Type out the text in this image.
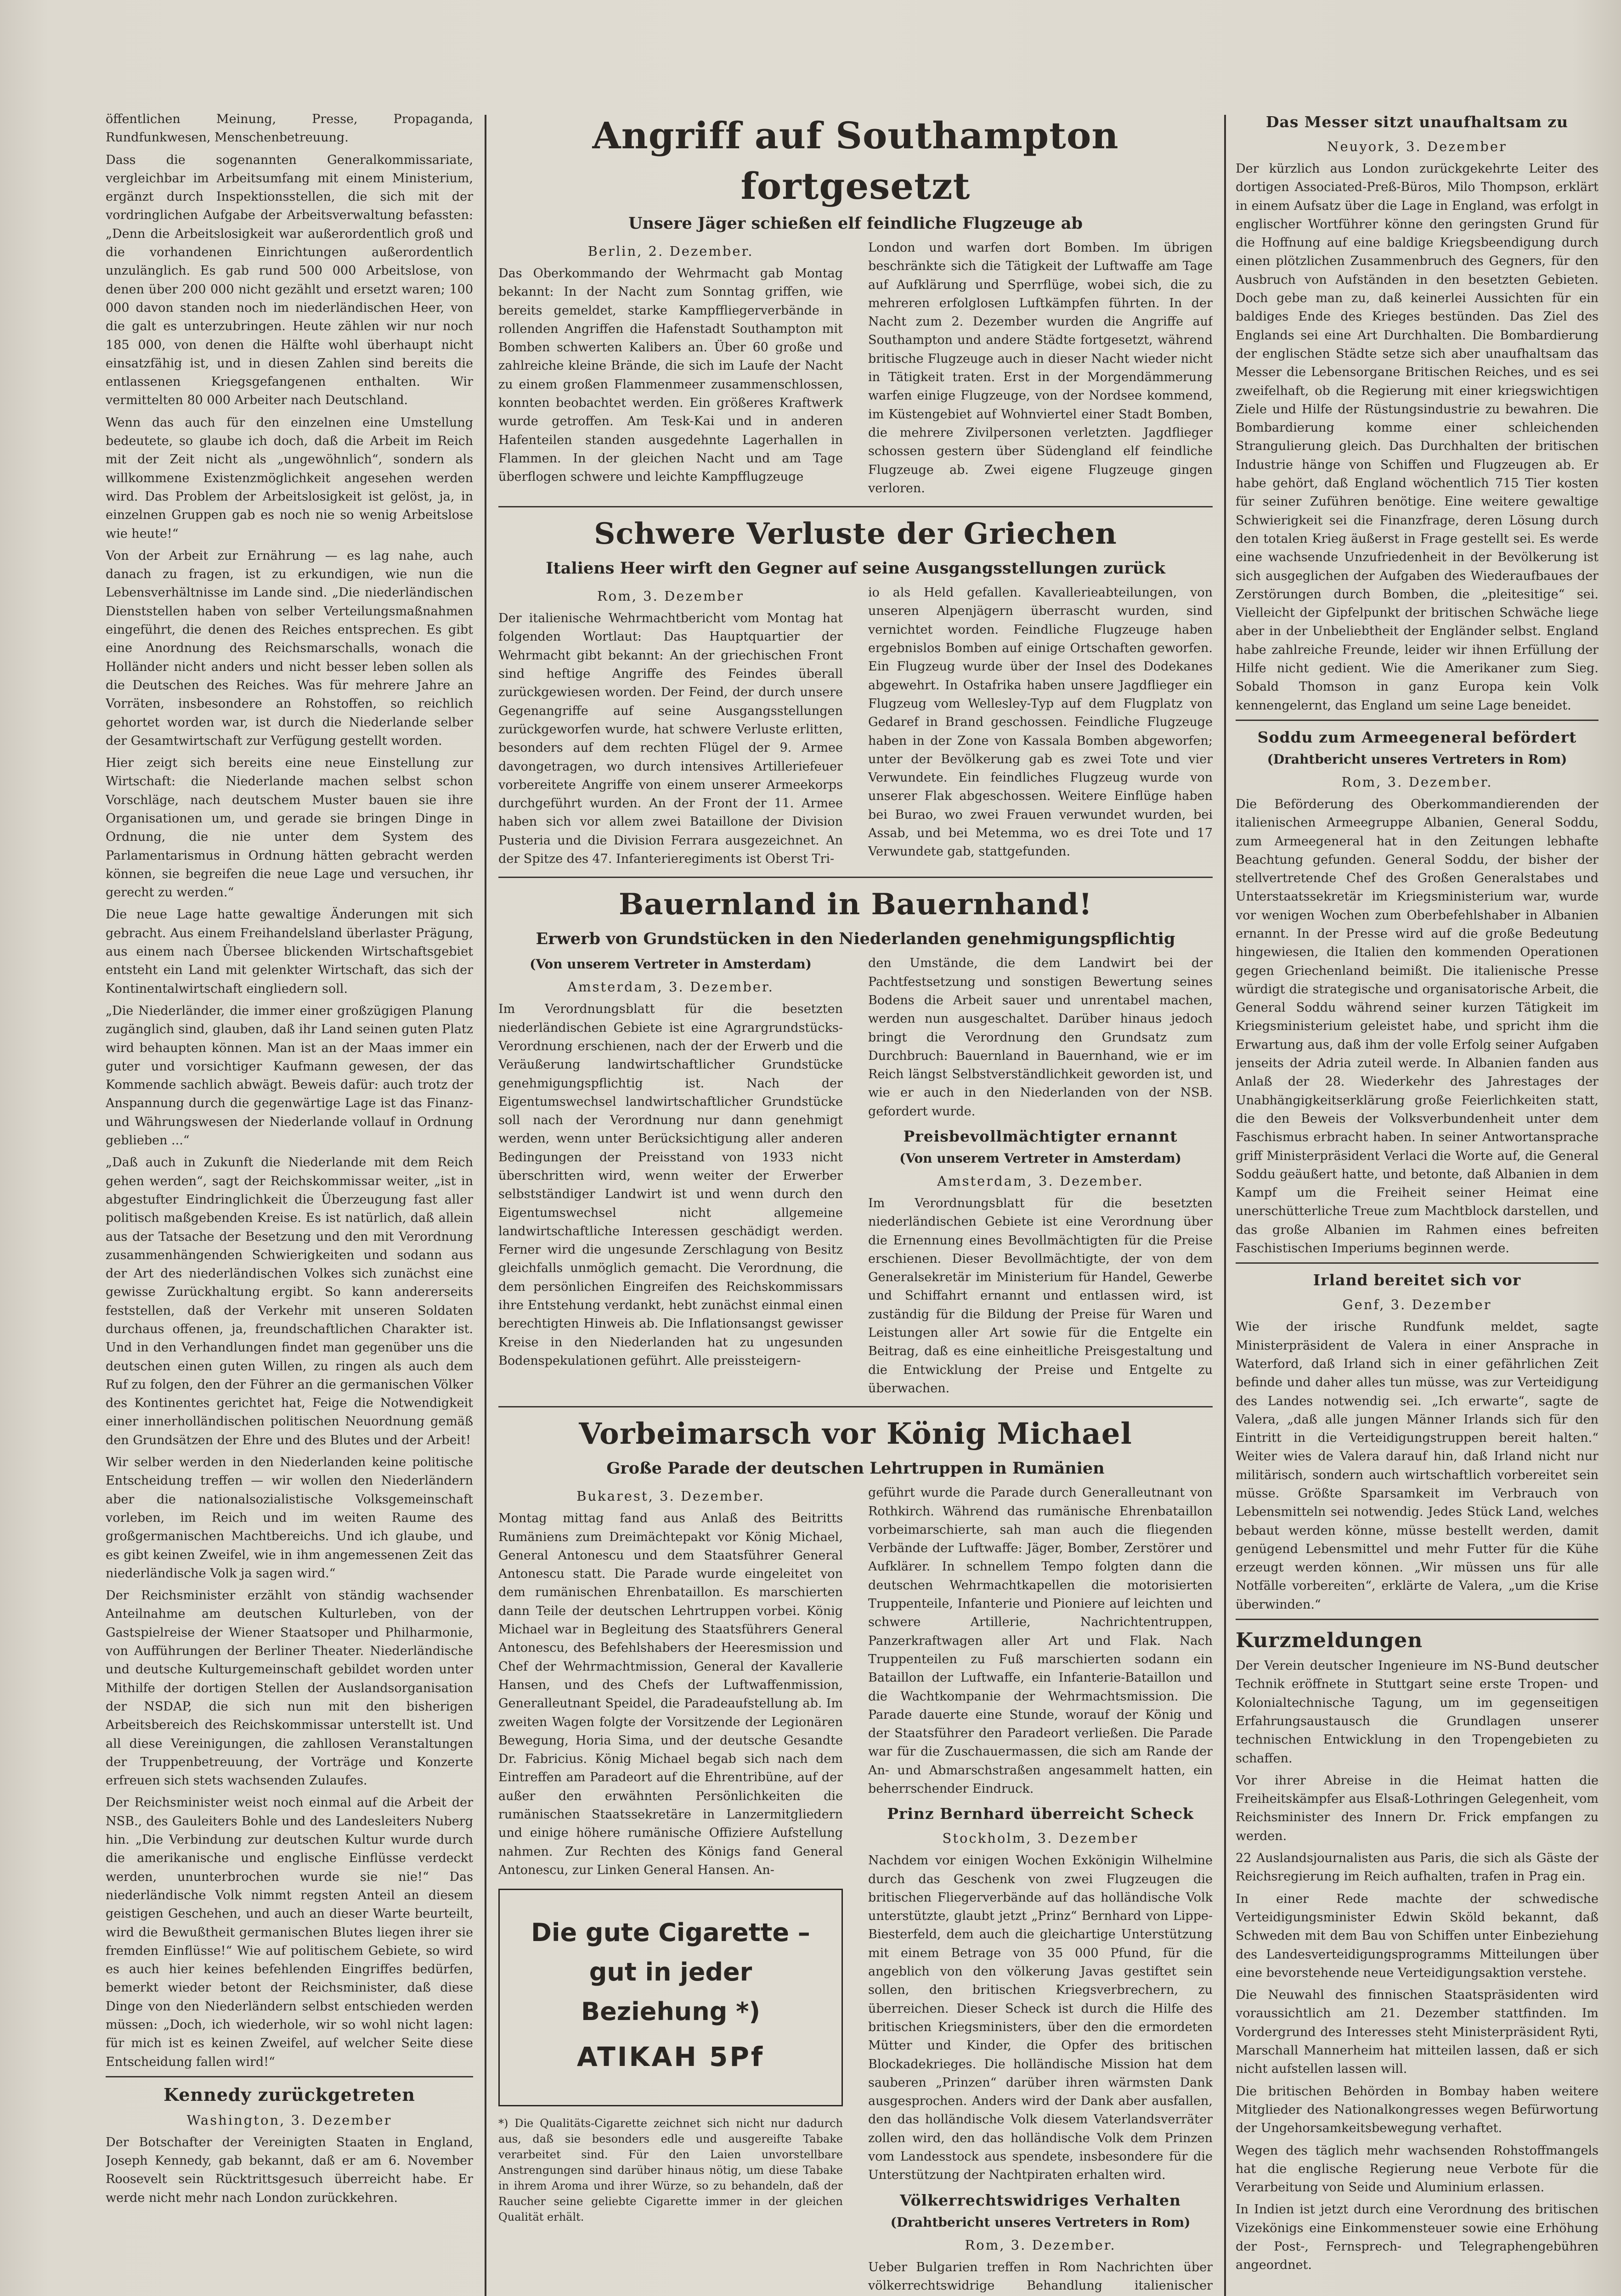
öffentlichen Meinung, Presse, Propaganda, Rundfunkwesen, Menschenbetreuung.

Dass die sogenannten Generalkommissariate, vergleichbar im Arbeitsumfang mit einem Ministerium, ergänzt durch Inspektionsstellen, die sich mit der vordringlichen Aufgabe der Arbeitsverwaltung befassten: „Denn die Arbeitslosigkeit war außerordentlich groß und die vorhandenen Einrichtungen außerordentlich unzulänglich. Es gab rund 500 000 Arbeitslose, von denen über 200 000 nicht gezählt und ersetzt waren; 100 000 davon standen noch im niederländischen Heer, von die galt es unterzubringen. Heute zählen wir nur noch 185 000, von denen die Hälfte wohl überhaupt nicht einsatzfähig ist, und in diesen Zahlen sind bereits die entlassenen Kriegsgefangenen enthalten. Wir vermittelten 80 000 Arbeiter nach Deutschland.

Wenn das auch für den einzelnen eine Umstellung bedeutete, so glaube ich doch, daß die Arbeit im Reich mit der Zeit nicht als „ungewöhnlich“, sondern als willkommene Existenzmöglichkeit angesehen werden wird. Das Problem der Arbeitslosigkeit ist gelöst, ja, in einzelnen Gruppen gab es noch nie so wenig Arbeitslose wie heute!“

Von der Arbeit zur Ernährung — es lag nahe, auch danach zu fragen, ist zu erkundigen, wie nun die Lebensverhältnisse im Lande sind. „Die niederländischen Dienststellen haben von selber Verteilungsmaßnahmen eingeführt, die denen des Reiches entsprechen. Es gibt eine Anordnung des Reichsmarschalls, wonach die Holländer nicht anders und nicht besser leben sollen als die Deutschen des Reiches. Was für mehrere Jahre an Vorräten, insbesondere an Rohstoffen, so reichlich gehortet worden war, ist durch die Niederlande selber der Gesamtwirtschaft zur Verfügung gestellt worden.

Hier zeigt sich bereits eine neue Einstellung zur Wirtschaft: die Niederlande machen selbst schon Vorschläge, nach deutschem Muster bauen sie ihre Organisationen um, und gerade sie bringen Dinge in Ordnung, die nie unter dem System des Parlamentarismus in Ordnung hätten gebracht werden können, sie begreifen die neue Lage und versuchen, ihr gerecht zu werden.“

Die neue Lage hatte gewaltige Änderungen mit sich gebracht. Aus einem Freihandelsland überlaster Prägung, aus einem nach Übersee blickenden Wirtschaftsgebiet entsteht ein Land mit gelenkter Wirtschaft, das sich der Kontinentalwirtschaft eingliedern soll.

„Die Niederländer, die immer einer großzügigen Planung zugänglich sind, glauben, daß ihr Land seinen guten Platz wird behaupten können. Man ist an der Maas immer ein guter und vorsichtiger Kaufmann gewesen, der das Kommende sachlich abwägt. Beweis dafür: auch trotz der Anspannung durch die gegenwärtige Lage ist das Finanz- und Währungswesen der Niederlande vollauf in Ordnung geblieben ...“

„Daß auch in Zukunft die Niederlande mit dem Reich gehen werden“, sagt der Reichskommissar weiter, „ist in abgestufter Eindringlichkeit die Überzeugung fast aller politisch maßgebenden Kreise. Es ist natürlich, daß allein aus der Tatsache der Besetzung und den mit Verordnung zusammenhängenden Schwierigkeiten und sodann aus der Art des niederländischen Volkes sich zunächst eine gewisse Zurückhaltung ergibt. So kann andererseits feststellen, daß der Verkehr mit unseren Soldaten durchaus offenen, ja, freundschaftlichen Charakter ist. Und in den Verhandlungen findet man gegenüber uns die deutschen einen guten Willen, zu ringen als auch dem Ruf zu folgen, den der Führer an die germanischen Völker des Kontinentes gerichtet hat, Feige die Notwendigkeit einer innerholländischen politischen Neuordnung gemäß den Grundsätzen der Ehre und des Blutes und der Arbeit!

Wir selber werden in den Niederlanden keine politische Entscheidung treffen — wir wollen den Niederländern aber die nationalsozialistische Volksgemeinschaft vorleben, im Reich und im weiten Raume des großgermanischen Machtbereichs. Und ich glaube, und es gibt keinen Zweifel, wie in ihm angemessenen Zeit das niederländische Volk ja sagen wird.“

Der Reichsminister erzählt von ständig wachsender Anteilnahme am deutschen Kulturleben, von der Gastspielreise der Wiener Staatsoper und Philharmonie, von Aufführungen der Berliner Theater. Niederländische und deutsche Kulturgemeinschaft gebildet worden unter Mithilfe der dortigen Stellen der Auslandsorganisation der NSDAP, die sich nun mit den bisherigen Arbeitsbereich des Reichskommissar unterstellt ist. Und all diese Vereinigungen, die zahllosen Veranstaltungen der Truppenbetreuung, der Vorträge und Konzerte erfreuen sich stets wachsenden Zulaufes.

Der Reichsminister weist noch einmal auf die Arbeit der NSB., des Gauleiters Bohle und des Landesleiters Nuberg hin. „Die Verbindung zur deutschen Kultur wurde durch die amerikanische und englische Einflüsse verdeckt werden, ununterbrochen wurde sie nie!“ Das niederländische Volk nimmt regsten Anteil an diesem geistigen Geschehen, und auch an dieser Warte beurteilt, wird die Bewußtheit germanischen Blutes liegen ihrer sie fremden Einflüsse!“ Wie auf politischem Gebiete, so wird es auch hier keines befehlenden Eingriffes bedürfen, bemerkt wieder betont der Reichsminister, daß diese Dinge von den Niederländern selbst entschieden werden müssen: „Doch, ich wiederhole, wir so wohl nicht lagen: für mich ist es keinen Zweifel, auf welcher Seite diese Entscheidung fallen wird!“

Kennedy zurückgetreten

Washington, 3. Dezember

Der Botschafter der Vereinigten Staaten in England, Joseph Kennedy, gab bekannt, daß er am 6. November Roosevelt sein Rücktrittsgesuch überreicht habe. Er werde nicht mehr nach London zurückkehren.

Angriff auf Southampton fortgesetzt

Unsere Jäger schießen elf feindliche Flugzeuge ab

Berlin, 2. Dezember.

Das Oberkommando der Wehrmacht gab Montag bekannt: In der Nacht zum Sonntag griffen, wie bereits gemeldet, starke Kampffliegerverbände in rollenden Angriffen die Hafenstadt Southampton mit Bomben schwerten Kalibers an. Über 60 große und zahlreiche kleine Brände, die sich im Laufe der Nacht zu einem großen Flammenmeer zusammenschlossen, konnten beobachtet werden. Ein größeres Kraftwerk wurde getroffen. Am Tesk-Kai und in anderen Hafenteilen standen ausgedehnte Lagerhallen in Flammen. In der gleichen Nacht und am Tage überflogen schwere und leichte Kampfflugzeuge

London und warfen dort Bomben. Im übrigen beschränkte sich die Tätigkeit der Luftwaffe am Tage auf Aufklärung und Sperrflüge, wobei sich, die zu mehreren erfolglosen Luftkämpfen führten. In der Nacht zum 2. Dezember wurden die Angriffe auf Southampton und andere Städte fortgesetzt, während britische Flugzeuge auch in dieser Nacht wieder nicht in Tätigkeit traten. Erst in der Morgendämmerung warfen einige Flugzeuge, von der Nordsee kommend, im Küstengebiet auf Wohnviertel einer Stadt Bomben, die mehrere Zivilpersonen verletzten. Jagdflieger schossen gestern über Südengland elf feindliche Flugzeuge ab. Zwei eigene Flugzeuge gingen verloren.

Schwere Verluste der Griechen

Italiens Heer wirft den Gegner auf seine Ausgangsstellungen zurück

Rom, 3. Dezember

Der italienische Wehrmachtbericht vom Montag hat folgenden Wortlaut: Das Hauptquartier der Wehrmacht gibt bekannt: An der griechischen Front sind heftige Angriffe des Feindes überall zurückgewiesen worden. Der Feind, der durch unsere Gegenangriffe auf seine Ausgangsstellungen zurückgeworfen wurde, hat schwere Verluste erlitten, besonders auf dem rechten Flügel der 9. Armee davongetragen, wo durch intensives Artilleriefeuer vorbereitete Angriffe von einem unserer Armeekorps durchgeführt wurden. An der Front der 11. Armee haben sich vor allem zwei Bataillone der Division Pusteria und die Division Ferrara ausgezeichnet. An der Spitze des 47. Infanterieregiments ist Oberst Tri-

io als Held gefallen. Kavallerieabteilungen, von unseren Alpenjägern überrascht wurden, sind vernichtet worden. Feindliche Flugzeuge haben ergebnislos Bomben auf einige Ortschaften geworfen. Ein Flugzeug wurde über der Insel des Dodekanes abgewehrt. In Ostafrika haben unsere Jagdflieger ein Flugzeug vom Wellesley-Typ auf dem Flugplatz von Gedaref in Brand geschossen. Feindliche Flugzeuge haben in der Zone von Kassala Bomben abgeworfen; unter der Bevölkerung gab es zwei Tote und vier Verwundete. Ein feindliches Flugzeug wurde von unserer Flak abgeschossen. Weitere Einflüge haben bei Burao, wo zwei Frauen verwundet wurden, bei Assab, und bei Metemma, wo es drei Tote und 17 Verwundete gab, stattgefunden.

Bauernland in Bauernhand!

Erwerb von Grundstücken in den Niederlanden genehmigungspflichtig

(Von unserem Vertreter in Amsterdam)

Amsterdam, 3. Dezember.

Im Verordnungsblatt für die besetzten niederländischen Gebiete ist eine Agrargrundstücks-Verordnung erschienen, nach der der Erwerb und die Veräußerung landwirtschaftlicher Grundstücke genehmigungspflichtig ist. Nach der Eigentumswechsel landwirtschaftlicher Grundstücke soll nach der Verordnung nur dann genehmigt werden, wenn unter Berücksichtigung aller anderen Bedingungen der Preisstand von 1933 nicht überschritten wird, wenn weiter der Erwerber selbstständiger Landwirt ist und wenn durch den Eigentumswechsel nicht allgemeine landwirtschaftliche Interessen geschädigt werden. Ferner wird die ungesunde Zerschlagung von Besitz gleichfalls unmöglich gemacht. Die Verordnung, die dem persönlichen Eingreifen des Reichskommissars ihre Entstehung verdankt, hebt zunächst einmal einen berechtigten Hinweis ab. Die Inflationsangst gewisser Kreise in den Niederlanden hat zu ungesunden Bodenspekulationen geführt. Alle preissteigern-

den Umstände, die dem Landwirt bei der Pachtfestsetzung und sonstigen Bewertung seines Bodens die Arbeit sauer und unrentabel machen, werden nun ausgeschaltet. Darüber hinaus jedoch bringt die Verordnung den Grundsatz zum Durchbruch: Bauernland in Bauernhand, wie er im Reich längst Selbstverständlichkeit geworden ist, und wie er auch in den Niederlanden von der NSB. gefordert wurde.

Preisbevollmächtigter ernannt

(Von unserem Vertreter in Amsterdam)

Amsterdam, 3. Dezember.

Im Verordnungsblatt für die besetzten niederländischen Gebiete ist eine Verordnung über die Ernennung eines Bevollmächtigten für die Preise erschienen. Dieser Bevollmächtigte, der von dem Generalsekretär im Ministerium für Handel, Gewerbe und Schiffahrt ernannt und entlassen wird, ist zuständig für die Bildung der Preise für Waren und Leistungen aller Art sowie für die Entgelte ein Beitrag, daß es eine einheitliche Preisgestaltung und die Entwicklung der Preise und Entgelte zu überwachen.

Vorbeimarsch vor König Michael

Große Parade der deutschen Lehrtruppen in Rumänien

Bukarest, 3. Dezember.

Montag mittag fand aus Anlaß des Beitritts Rumäniens zum Dreimächtepakt vor König Michael, General Antonescu und dem Staatsführer General Antonescu statt. Die Parade wurde eingeleitet von dem rumänischen Ehrenbataillon. Es marschierten dann Teile der deutschen Lehrtruppen vorbei. König Michael war in Begleitung des Staatsführers General Antonescu, des Befehlshabers der Heeresmission und Chef der Wehrmachtmission, General der Kavallerie Hansen, und des Chefs der Luftwaffenmission, Generalleutnant Speidel, die Paradeaufstellung ab. Im zweiten Wagen folgte der Vorsitzende der Legionären Bewegung, Horia Sima, und der deutsche Gesandte Dr. Fabricius. König Michael begab sich nach dem Eintreffen am Paradeort auf die Ehrentribüne, auf der außer den erwähnten Persönlichkeiten die rumänischen Staatssekretäre in Lanzermitgliedern und einige höhere rumänische Offiziere Aufstellung nahmen. Zur Rechten des Königs fand General Antonescu, zur Linken General Hansen. An-

Die gute Cigarette –
gut in jeder Beziehung *)
ATIKAH 5Pf

*) Die Qualitäts-Cigarette zeichnet sich nicht nur dadurch aus, daß sie besonders edle und ausgereifte Tabake verarbeitet sind. Für den Laien unvorstellbare Anstrengungen sind darüber hinaus nötig, um diese Tabake in ihrem Aroma und ihrer Würze, so zu behandeln, daß der Raucher seine geliebte Cigarette immer in der gleichen Qualität erhält.

geführt wurde die Parade durch Generalleutnant von Rothkirch. Während das rumänische Ehrenbataillon vorbeimarschierte, sah man auch die fliegenden Verbände der Luftwaffe: Jäger, Bomber, Zerstörer und Aufklärer. In schnellem Tempo folgten dann die deutschen Wehrmachtkapellen die motorisierten Truppenteile, Infanterie und Pioniere auf leichten und schwere Artillerie, Nachrichtentruppen, Panzerkraftwagen aller Art und Flak. Nach Truppenteilen zu Fuß marschierten sodann ein Bataillon der Luftwaffe, ein Infanterie-Bataillon und die Wachtkompanie der Wehrmachtsmission. Die Parade dauerte eine Stunde, worauf der König und der Staatsführer den Paradeort verließen. Die Parade war für die Zuschauermassen, die sich am Rande der An- und Abmarschstraßen angesammelt hatten, ein beherrschender Eindruck.

Prinz Bernhard überreicht Scheck

Stockholm, 3. Dezember

Nachdem vor einigen Wochen Exkönigin Wilhelmine durch das Geschenk von zwei Flugzeugen die britischen Fliegerverbände auf das holländische Volk unterstützte, glaubt jetzt „Prinz“ Bernhard von Lippe-Biesterfeld, dem auch die gleichartige Unterstützung mit einem Betrage von 35 000 Pfund, für die angeblich von den völkerung Javas gestiftet sein sollen, den britischen Kriegsverbrechern, zu überreichen. Dieser Scheck ist durch die Hilfe des britischen Kriegsministers, über den die ermordeten Mütter und Kinder, die Opfer des britischen Blockadekrieges. Die holländische Mission hat dem sauberen „Prinzen“ darüber ihren wärmsten Dank ausgesprochen. Anders wird der Dank aber ausfallen, den das holländische Volk diesem Vaterlandsverräter zollen wird, den das holländische Volk dem Prinzen vom Landesstock aus spendete, insbesondere für die Unterstützung der Nachtpiraten erhalten wird.

Völkerrechtswidriges Verhalten

(Drahtbericht unseres Vertreters in Rom)

Rom, 3. Dezember.

Ueber Bulgarien treffen in Rom Nachrichten über völkerrechtswidrige Behandlung italienischer

Das Messer sitzt unaufhaltsam zu

Neuyork, 3. Dezember

Der kürzlich aus London zurückgekehrte Leiter des dortigen Associated-Preß-Büros, Milo Thompson, erklärt in einem Aufsatz über die Lage in England, was erfolgt in englischer Wortführer könne den geringsten Grund für die Hoffnung auf eine baldige Kriegsbeendigung durch einen plötzlichen Zusammenbruch des Gegners, für den Ausbruch von Aufständen in den besetzten Gebieten. Doch gebe man zu, daß keinerlei Aussichten für ein baldiges Ende des Krieges bestünden. Das Ziel des Englands sei eine Art Durchhalten. Die Bombardierung der englischen Städte setze sich aber unaufhaltsam das Messer die Lebensorgane Britischen Reiches, und es sei zweifelhaft, ob die Regierung mit einer kriegswichtigen Ziele und Hilfe der Rüstungsindustrie zu bewahren. Die Bombardierung komme einer schleichenden Strangulierung gleich. Das Durchhalten der britischen Industrie hänge von Schiffen und Flugzeugen ab. Er habe gehört, daß England wöchentlich 715 Tier kosten für seiner Zuführen benötige. Eine weitere gewaltige Schwierigkeit sei die Finanzfrage, deren Lösung durch den totalen Krieg äußerst in Frage gestellt sei. Es werde eine wachsende Unzufriedenheit in der Bevölkerung ist sich ausgeglichen der Aufgaben des Wiederaufbaues der Zerstörungen durch Bomben, die „pleitesitige“ sei. Vielleicht der Gipfelpunkt der britischen Schwäche liege aber in der Unbeliebtheit der Engländer selbst. England habe zahlreiche Freunde, leider wir ihnen Erfüllung der Hilfe nicht gedient. Wie die Amerikaner zum Sieg. Sobald Thomson in ganz Europa kein Volk kennengelernt, das England um seine Lage beneidet.

Soddu zum Armeegeneral befördert

(Drahtbericht unseres Vertreters in Rom)

Rom, 3. Dezember.

Die Beförderung des Oberkommandierenden der italienischen Armeegruppe Albanien, General Soddu, zum Armeegeneral hat in den Zeitungen lebhafte Beachtung gefunden. General Soddu, der bisher der stellvertretende Chef des Großen Generalstabes und Unterstaatssekretär im Kriegsministerium war, wurde vor wenigen Wochen zum Oberbefehlshaber in Albanien ernannt. In der Presse wird auf die große Bedeutung hingewiesen, die Italien den kommenden Operationen gegen Griechenland beimißt. Die italienische Presse würdigt die strategische und organisatorische Arbeit, die General Soddu während seiner kurzen Tätigkeit im Kriegsministerium geleistet habe, und spricht ihm die Erwartung aus, daß ihm der volle Erfolg seiner Aufgaben jenseits der Adria zuteil werde. In Albanien fanden aus Anlaß der 28. Wiederkehr des Jahrestages der Unabhängigkeitserklärung große Feierlichkeiten statt, die den Beweis der Volksverbundenheit unter dem Faschismus erbracht haben. In seiner Antwortansprache griff Ministerpräsident Verlaci die Worte auf, die General Soddu geäußert hatte, und betonte, daß Albanien in dem Kampf um die Freiheit seiner Heimat eine unerschütterliche Treue zum Machtblock darstellen, und das große Albanien im Rahmen eines befreiten Faschistischen Imperiums beginnen werde.

Irland bereitet sich vor

Genf, 3. Dezember

Wie der irische Rundfunk meldet, sagte Ministerpräsident de Valera in einer Ansprache in Waterford, daß Irland sich in einer gefährlichen Zeit befinde und daher alles tun müsse, was zur Verteidigung des Landes notwendig sei. „Ich erwarte“, sagte de Valera, „daß alle jungen Männer Irlands sich für den Eintritt in die Verteidigungstruppen bereit halten.“ Weiter wies de Valera darauf hin, daß Irland nicht nur militärisch, sondern auch wirtschaftlich vorbereitet sein müsse. Größte Sparsamkeit im Verbrauch von Lebensmitteln sei notwendig. Jedes Stück Land, welches bebaut werden könne, müsse bestellt werden, damit genügend Lebensmittel und mehr Futter für die Kühe erzeugt werden können. „Wir müssen uns für alle Notfälle vorbereiten“, erklärte de Valera, „um die Krise überwinden.“

Kurzmeldungen

Der Verein deutscher Ingenieure im NS-Bund deutscher Technik eröffnete in Stuttgart seine erste Tropen- und Kolonialtechnische Tagung, um im gegenseitigen Erfahrungsaustausch die Grundlagen unserer technischen Entwicklung in den Tropengebieten zu schaffen.

Vor ihrer Abreise in die Heimat hatten die Freiheitskämpfer aus Elsaß-Lothringen Gelegenheit, vom Reichsminister des Innern Dr. Frick empfangen zu werden.

22 Auslandsjournalisten aus Paris, die sich als Gäste der Reichsregierung im Reich aufhalten, trafen in Prag ein.

In einer Rede machte der schwedische Verteidigungsminister Edwin Sköld bekannt, daß Schweden mit dem Bau von Schiffen unter Einbeziehung des Landesverteidigungsprogramms Mitteilungen über eine bevorstehende neue Verteidigungsaktion verstehe.

Die Neuwahl des finnischen Staatspräsidenten wird voraussichtlich am 21. Dezember stattfinden. Im Vordergrund des Interesses steht Ministerpräsident Ryti, Marschall Mannerheim hat mitteilen lassen, daß er sich nicht aufstellen lassen will.

Die britischen Behörden in Bombay haben weitere Mitglieder des Nationalkongresses wegen Befürwortung der Ungehorsamkeitsbewegung verhaftet.

Wegen des täglich mehr wachsenden Rohstoffmangels hat die englische Regierung neue Verbote für die Verarbeitung von Seide und Aluminium erlassen.

In Indien ist jetzt durch eine Verordnung des britischen Vizekönigs eine Einkommensteuer sowie eine Erhöhung der Post-, Fernsprech- und Telegraphengebühren angeordnet.
